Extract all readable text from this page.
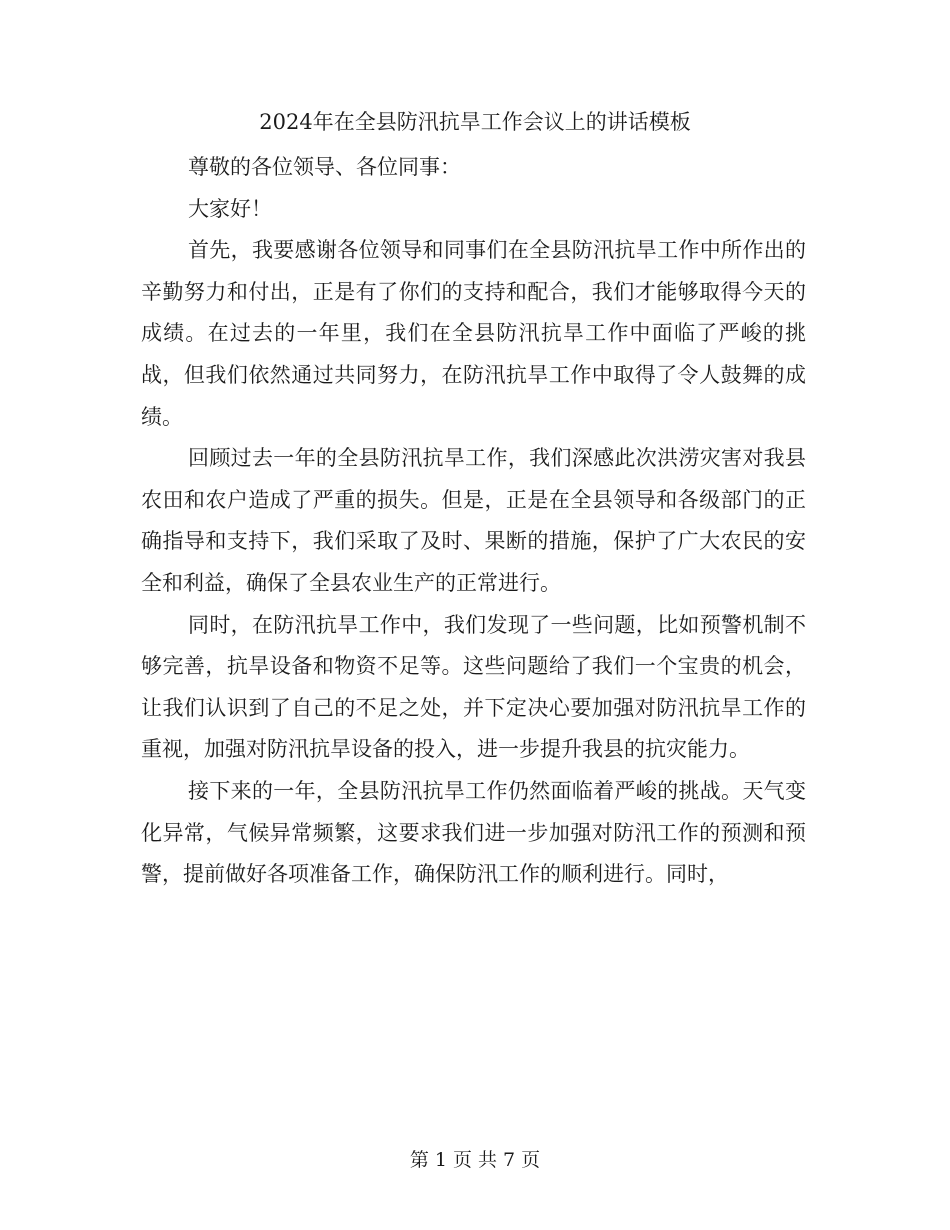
2024年在全县防汛抗旱工作会议上的讲话模板

尊敬的各位领导、各位同事：

大家好！

首先，我要感谢各位领导和同事们在全县防汛抗旱工作中所作出的辛勤努力和付出，正是有了你们的支持和配合，我们才能够取得今天的成绩。在过去的一年里，我们在全县防汛抗旱工作中面临了严峻的挑战，但我们依然通过共同努力，在防汛抗旱工作中取得了令人鼓舞的成绩。

回顾过去一年的全县防汛抗旱工作，我们深感此次洪涝灾害对我县农田和农户造成了严重的损失。但是，正是在全县领导和各级部门的正确指导和支持下，我们采取了及时、果断的措施，保护了广大农民的安全和利益，确保了全县农业生产的正常进行。

同时，在防汛抗旱工作中，我们发现了一些问题，比如预警机制不够完善，抗旱设备和物资不足等。这些问题给了我们一个宝贵的机会，让我们认识到了自己的不足之处，并下定决心要加强对防汛抗旱工作的重视，加强对防汛抗旱设备的投入，进一步提升我县的抗灾能力。

接下来的一年，全县防汛抗旱工作仍然面临着严峻的挑战。天气变化异常，气候异常频繁，这要求我们进一步加强对防汛工作的预测和预警，提前做好各项准备工作，确保防汛工作的顺利进行。同时，

第 1 页 共 7 页
